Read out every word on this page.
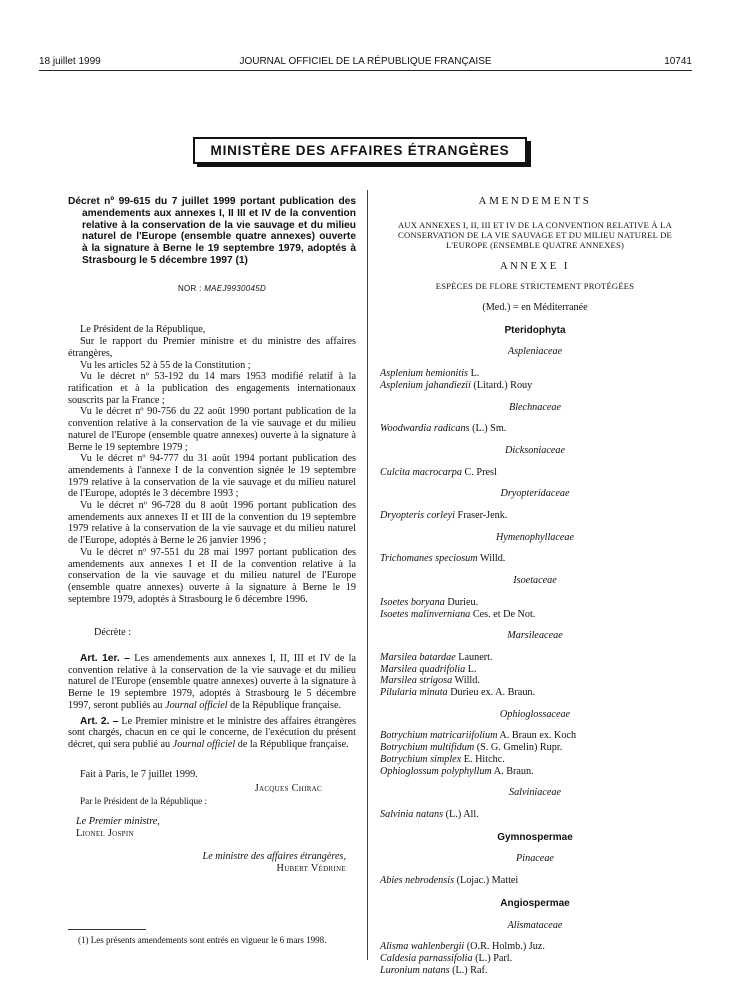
JOURNAL OFFICIEL DE LA RÉPUBLIQUE FRANÇAISE
18 juillet 1999	10741
MINISTÈRE DES AFFAIRES ÉTRANGÈRES

Décret nº 99-615 du 7 juillet 1999 portant publication des amendements aux annexes I, II III et IV de la convention relative à la conservation de la vie sauvage et du milieu naturel de l'Europe (ensemble quatre annexes) ouverte à la signature à Berne le 19 septembre 1979, adoptés à Strasbourg le 5 décembre 1997 (1)

NOR : MAEJ9930045D

Le Président de la République,

Sur le rapport du Premier ministre et du ministre des affaires étrangères,

Vu les articles 52 à 55 de la Constitution ;

Vu le décret nº 53-192 du 14 mars 1953 modifié relatif à la ratification et à la publication des engagements internationaux souscrits par la France ;

Vu le décret nº 90-756 du 22 août 1990 portant publication de la convention relative à la conservation de la vie sauvage et du milieu naturel de l'Europe (ensemble quatre annexes) ouverte à la signature à Berne le 19 septembre 1979 ;

Vu le décret nº 94-777 du 31 août 1994 portant publication des amendements à l'annexe I de la convention signée le 19 septembre 1979 relative à la conservation de la vie sauvage et du milieu naturel de l'Europe, adoptés le 3 décembre 1993 ;

Vu le décret nº 96-728 du 8 août 1996 portant publication des amendements aux annexes II et III de la convention du 19 septembre 1979 relative à la conservation de la vie sauvage et du milieu naturel de l'Europe, adoptés à Berne le 26 janvier 1996 ;

Vu le décret nº 97-551 du 28 mai 1997 portant publication des amendements aux annexes I et II de la convention relative à la conservation de la vie sauvage et du milieu naturel de l'Europe (ensemble quatre annexes) ouverte à la signature à Berne le 19 septembre 1979, adoptés à Strasbourg le 6 décembre 1996.

Décrète :

Art. 1er. – Les amendements aux annexes I, II, III et IV de la convention relative à la conservation de la vie sauvage et du milieu naturel de l'Europe (ensemble quatre annexes) ouverte à la signature à Berne le 19 septembre 1979, adoptés à Strasbourg le 5 décembre 1997, seront publiés au Journal officiel de la République française.

Art. 2. – Le Premier ministre et le ministre des affaires étrangères sont chargés, chacun en ce qui le concerne, de l'exécution du présent décret, qui sera publié au Journal officiel de la République française.

Fait à Paris, le 7 juillet 1999.

Jacques Chirac

Par le Président de la République :

Le Premier ministre,
Lionel Jospin

Le ministre des affaires étrangères,
Hubert Védrine

(1) Les présents amendements sont entrés en vigueur le 6 mars 1998.

AMENDEMENTS

AUX ANNEXES I, II, III ET IV DE LA CONVENTION RELATIVE À LA CONSERVATION DE LA VIE SAUVAGE ET DU MILIEU NATUREL DE L'EUROPE (ENSEMBLE QUATRE ANNEXES)

ANNEXE I

ESPÈCES DE FLORE STRICTEMENT PROTÉGÉES

(Med.) = en Méditerranée

Pteridophyta

Aspleniaceae

Asplenium hemionitis L.

Asplenium jahandiezii (Litard.) Rouy

Blechnaceae

Woodwardia radicans (L.) Sm.

Dicksoniaceae

Culcita macrocarpa C. Presl

Dryopteridaceae

Dryopteris corleyi Fraser-Jenk.

Hymenophyllaceae

Trichomanes speciosum Willd.

Isoetaceae

Isoetes boryana Durieu.

Isoetes malinverniana Ces. et De Not.

Marsileaceae

Marsilea batardae Launert.

Marsilea quadrifolia L.

Marsilea strigosa Willd.

Pilularia minuta Durieu ex. A. Braun.

Ophioglossaceae

Botrychium matricariifolium A. Braun ex. Koch

Botrychium multifidum (S. G. Gmelin) Rupr.

Botrychium simplex E. Hitchc.

Ophioglossum polyphyllum A. Braun.

Salviniaceae

Salvinia natans (L.) All.

Gymnospermae

Pinaceae

Abies nebrodensis (Lojac.) Mattei

Angiospermae

Alismataceae

Alisma wahlenbergii (O.R. Holmb.) Juz.

Caldesia parnassifolia (L.) Parl.

Luronium natans (L.) Raf.
